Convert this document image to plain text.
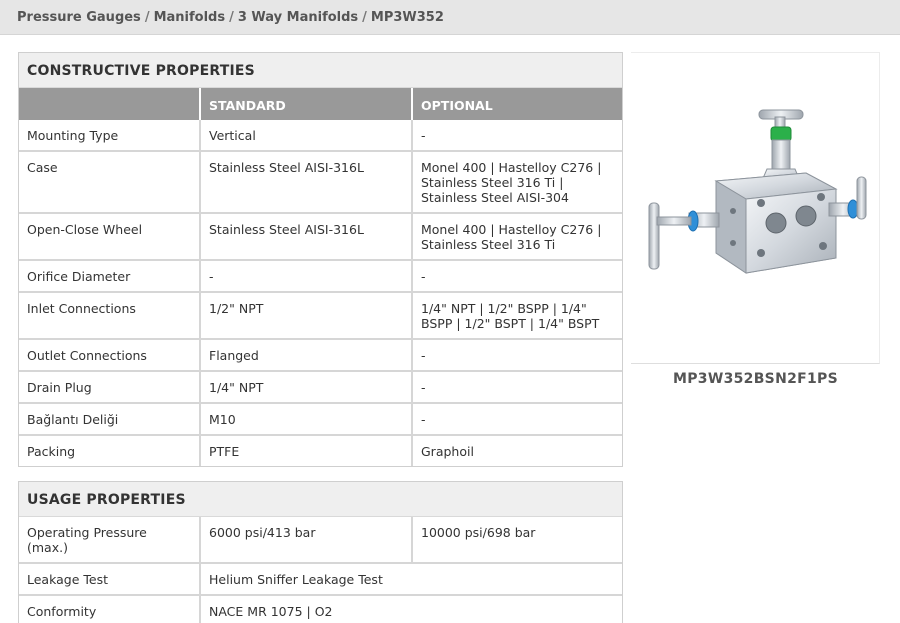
Pressure Gauges / Manifolds / 3 Way Manifolds / MP3W352
CONSTRUCTIVE PROPERTIES
	STANDARD	OPTIONAL
Mounting Type	Vertical	-
Case	Stainless Steel AISI-316L	Monel 400 | Hastelloy C276 | Stainless Steel 316 Ti | Stainless Steel AISI-304
Open-Close Wheel	Stainless Steel AISI-316L	Monel 400 | Hastelloy C276 | Stainless Steel 316 Ti
Orifice Diameter	-	-
Inlet Connections	1/2" NPT	1/4" NPT | 1/2" BSPP | 1/4" BSPP | 1/2" BSPT | 1/4" BSPT
Outlet Connections	Flanged	-
Drain Plug	1/4" NPT	-
Bağlantı Deliği	M10	-
Packing	PTFE	Graphoil
USAGE PROPERTIES
Operating Pressure (max.)	6000 psi/413 bar	10000 psi/698 bar
Leakage Test	Helium Sniffer Leakage Test	
Conformity	NACE MR 1075 | O2	
MP3W352BSN2F1PS
